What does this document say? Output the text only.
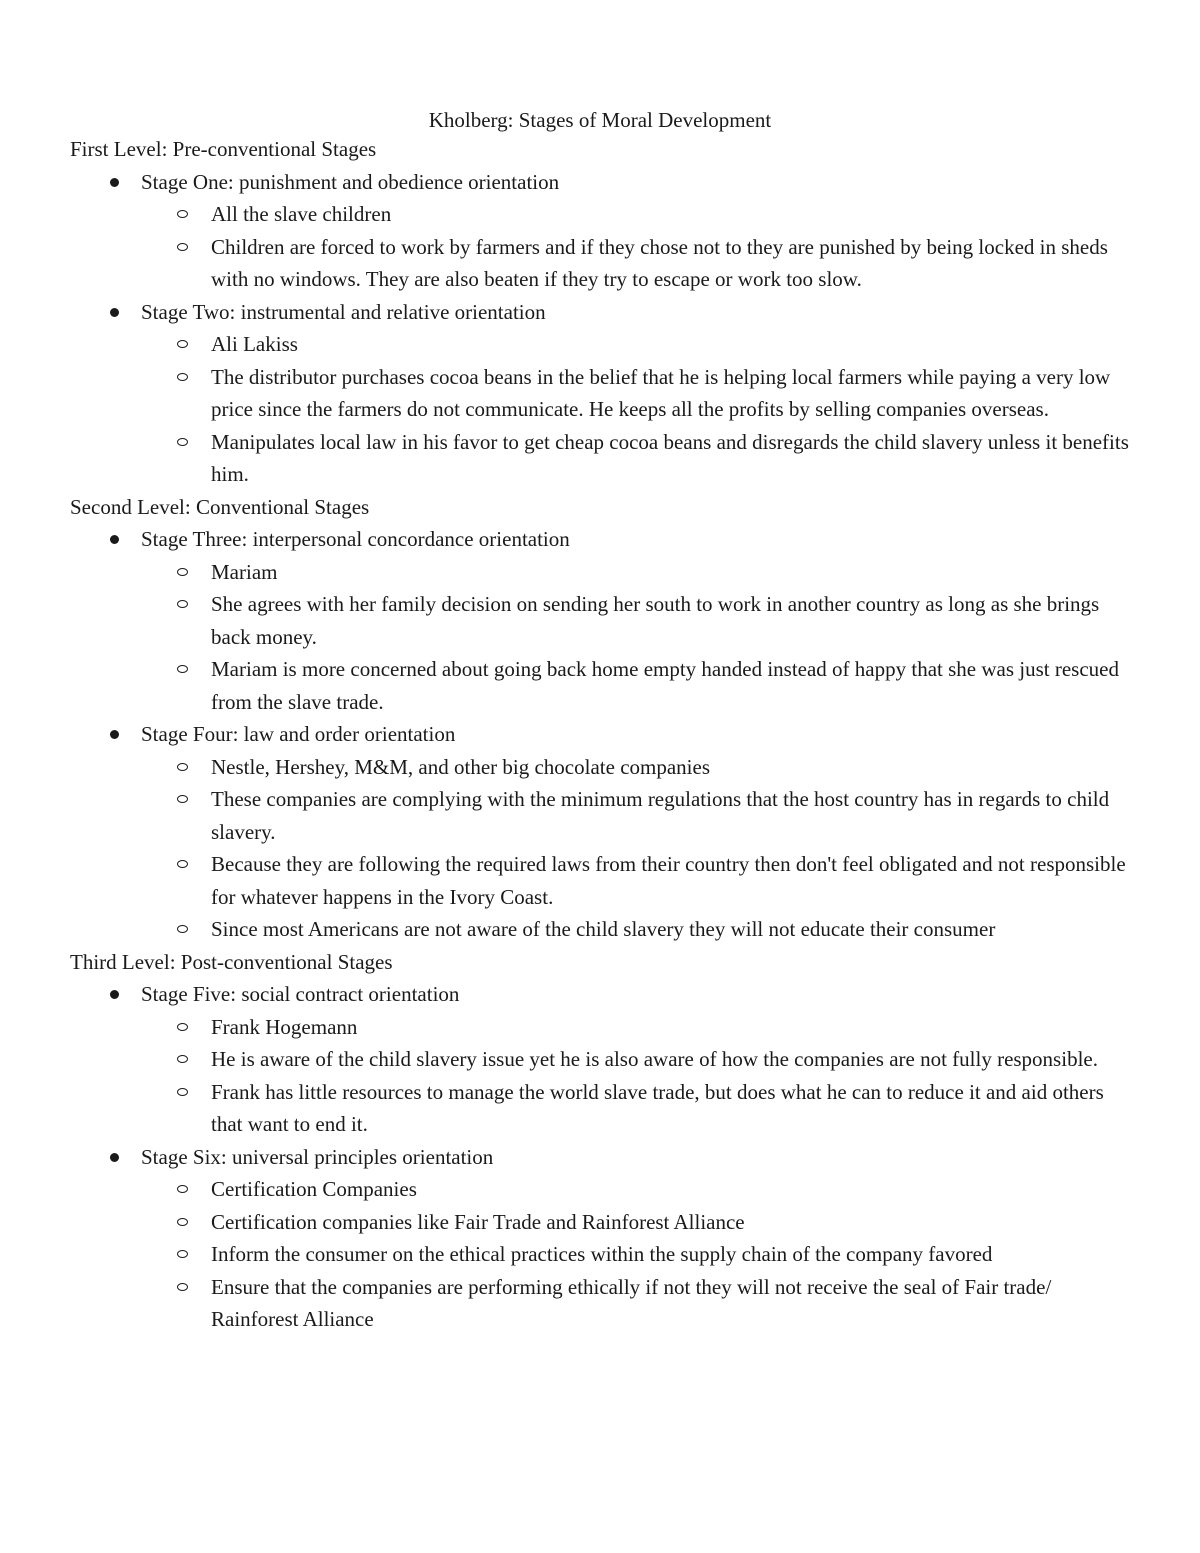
Kholberg: Stages of Moral Development
First Level: Pre-conventional Stages
Stage One: punishment and obedience orientation
All the slave children
Children are forced to work by farmers and if they chose not to they are punished by being locked in sheds with no windows. They are also beaten if they try to escape or work too slow.
Stage Two: instrumental and relative orientation
Ali Lakiss
The distributor purchases cocoa beans in the belief that he is helping local farmers while paying a very low price since the farmers do not communicate. He keeps all the profits by selling companies overseas.
Manipulates local law in his favor to get cheap cocoa beans and disregards the child slavery unless it benefits him.
Second Level: Conventional Stages
Stage Three: interpersonal concordance orientation
Mariam
She agrees with her family decision on sending her south to work in another country as long as she brings back money.
Mariam is more concerned about going back home empty handed instead of happy that she was just rescued from the slave trade.
Stage Four: law and order orientation
Nestle, Hershey, M&M, and other big chocolate companies
These companies are complying with the minimum regulations that the host country has in regards to child slavery.
Because they are following the required laws from their country then don't feel obligated and not responsible for whatever happens in the Ivory Coast.
Since most Americans are not aware of the child slavery they will not educate their consumer
Third Level: Post-conventional Stages
Stage Five: social contract orientation
Frank Hogemann
He is aware of the child slavery issue yet he is also aware of how the companies are not fully responsible.
Frank has little resources to manage the world slave trade, but does what he can to reduce it and aid others that want to end it.
Stage Six: universal principles orientation
Certification Companies
Certification companies like Fair Trade and Rainforest Alliance
Inform the consumer on the ethical practices within the supply chain of the company favored
Ensure that the companies are performing ethically if not they will not receive the seal of Fair trade/ Rainforest Alliance
